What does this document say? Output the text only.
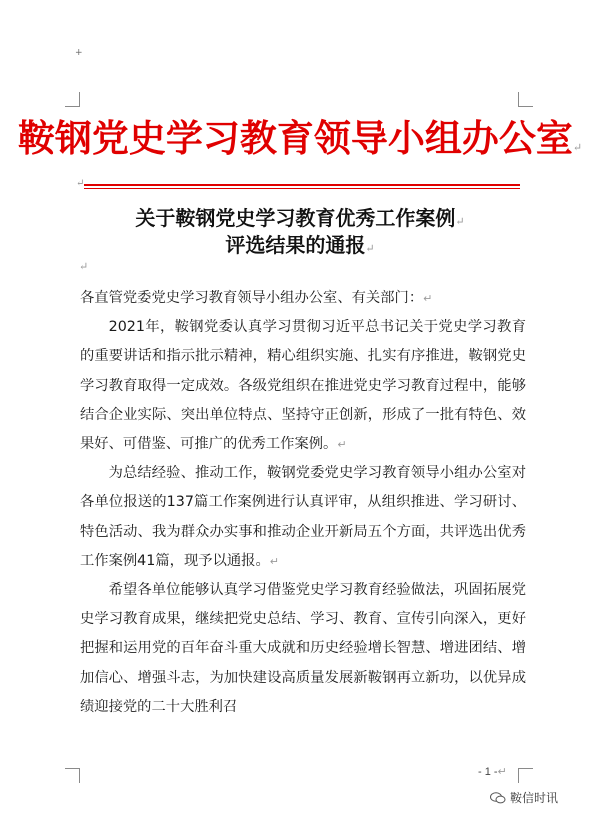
+
鞍钢党史学习教育领导小组办公室↵
↵
关于鞍钢党史学习教育优秀工作案例↵
评选结果的通报↵
↵

各直管党委党史学习教育领导小组办公室、有关部门：↵

2021年，鞍钢党委认真学习贯彻习近平总书记关于党史学习教育的重要讲话和指示批示精神，精心组织实施、扎实有序推进，鞍钢党史学习教育取得一定成效。各级党组织在推进党史学习教育过程中，能够结合企业实际、突出单位特点、坚持守正创新，形成了一批有特色、效果好、可借鉴、可推广的优秀工作案例。↵

为总结经验、推动工作，鞍钢党委党史学习教育领导小组办公室对各单位报送的137篇工作案例进行认真评审，从组织推进、学习研讨、特色活动、我为群众办实事和推动企业开新局五个方面，共评选出优秀工作案例41篇，现予以通报。↵

希望各单位能够认真学习借鉴党史学习教育经验做法，巩固拓展党史学习教育成果，继续把党史总结、学习、教育、宣传引向深入，更好把握和运用党的百年奋斗重大成就和历史经验增长智慧、增进团结、增加信心、增强斗志，为加快建设高质量发展新鞍钢再立新功，以优异成绩迎接党的二十大胜利召

- 1 -↵
鞍信时讯
